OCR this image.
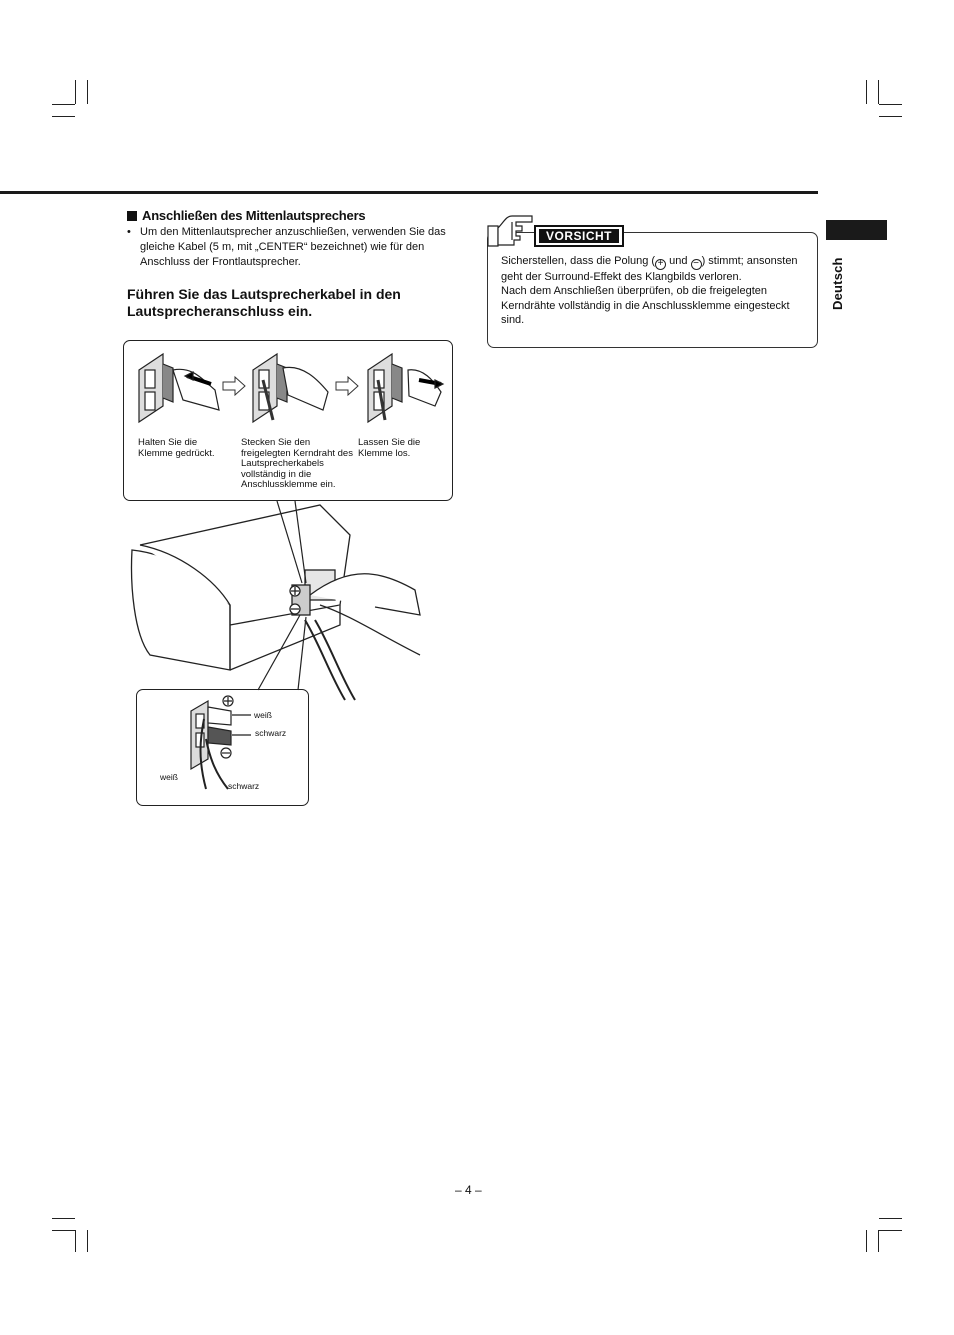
Deutsch
Anschließen des Mittenlautsprechers
• Um den Mittenlautsprecher anzuschließen, verwenden Sie das gleiche Kabel (5 m, mit „CENTER“ bezeichnet) wie für den Anschluss der Frontlautsprecher.
Führen Sie das Lautsprecherkabel in den Lautsprecheranschluss ein.
Halten Sie die Klemme gedrückt.
Stecken Sie den freigelegten Kerndraht des Lautsprecherkabels vollständig in die Anschlussklemme ein.
Lassen Sie die Klemme los.
weiß
schwarz
weiß
schwarz
VORSICHT
Sicherstellen, dass die Polung ( + und − ) stimmt; ansonsten geht der Surround-Effekt des Klangbilds verloren.
Nach dem Anschließen überprüfen, ob die freigelegten Kerndrähte vollständig in die Anschlussklemme eingesteckt sind.
– 4 –
